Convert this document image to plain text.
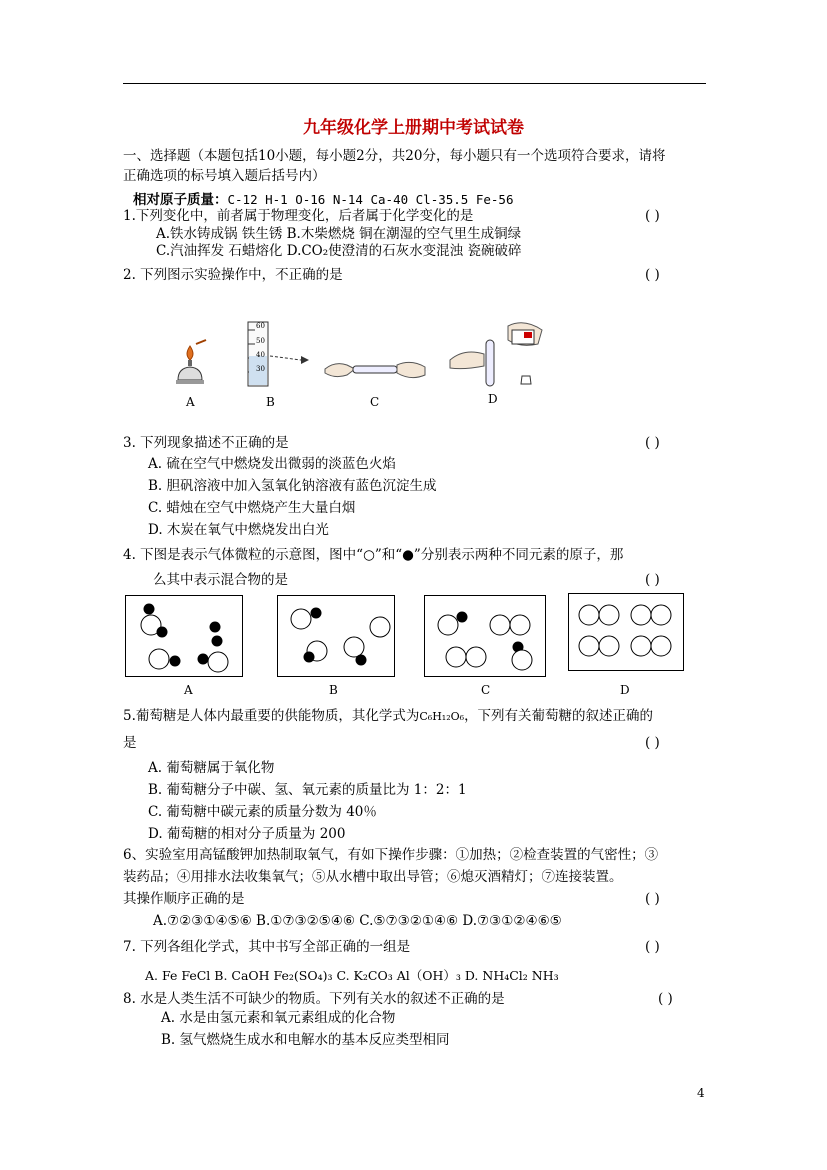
九年级化学上册期中考试试卷
一、选择题（本题包括10小题，每小题2分，共20分，每小题只有一个选项符合要求，请将
正确选项的标号填入题后括号内）
相对原子质量：C-12 H-1 O-16 N-14 Ca-40 Cl-35.5 Fe-56
1.下列变化中，前者属于物理变化，后者属于化学变化的是	( )
A.铁水铸成锅 铁生锈 B.木柴燃烧 铜在潮湿的空气里生成铜绿
C.汽油挥发 石蜡熔化 D.CO₂使澄清的石灰水变混浊 瓷碗破碎
2. 下列图示实验操作中，不正确的是	( )
A
60
50
40
30
B	C	D
3. 下列现象描述不正确的是	( )
A. 硫在空气中燃烧发出微弱的淡蓝色火焰
B. 胆矾溶液中加入氢氧化钠溶液有蓝色沉淀生成
C. 蜡烛在空气中燃烧产生大量白烟
D. 木炭在氧气中燃烧发出白光
4. 下图是表示气体微粒的示意图，图中“○”和“●”分别表示两种不同元素的原子，那
么其中表示混合物的是	( )
A	B	C	D
5.葡萄糖是人体内最重要的供能物质，其化学式为C₆H₁₂O₆，下列有关葡萄糖的叙述正确的
是	( )
A. 葡萄糖属于氧化物
B. 葡萄糖分子中碳、氢、氧元素的质量比为 1：2：1
C. 葡萄糖中碳元素的质量分数为 40％
D. 葡萄糖的相对分子质量为 200
6、实验室用高锰酸钾加热制取氧气，有如下操作步骤：①加热；②检查装置的气密性；③
装药品；④用排水法收集氧气；⑤从水槽中取出导管；⑥熄灭酒精灯；⑦连接装置。
其操作顺序正确的是	( )
A.⑦②③①④⑤⑥ B.①⑦③②⑤④⑥ C.⑤⑦③②①④⑥ D.⑦③①②④⑥⑤
7. 下列各组化学式，其中书写全部正确的一组是	( )
A. Fe FeCl B. CaOH Fe₂(SO₄)₃ C. K₂CO₃ Al（OH）₃ D. NH₄Cl₂ NH₃
8. 水是人类生活不可缺少的物质。下列有关水的叙述不正确的是	( )
A. 水是由氢元素和氧元素组成的化合物
B. 氢气燃烧生成水和电解水的基本反应类型相同
4
